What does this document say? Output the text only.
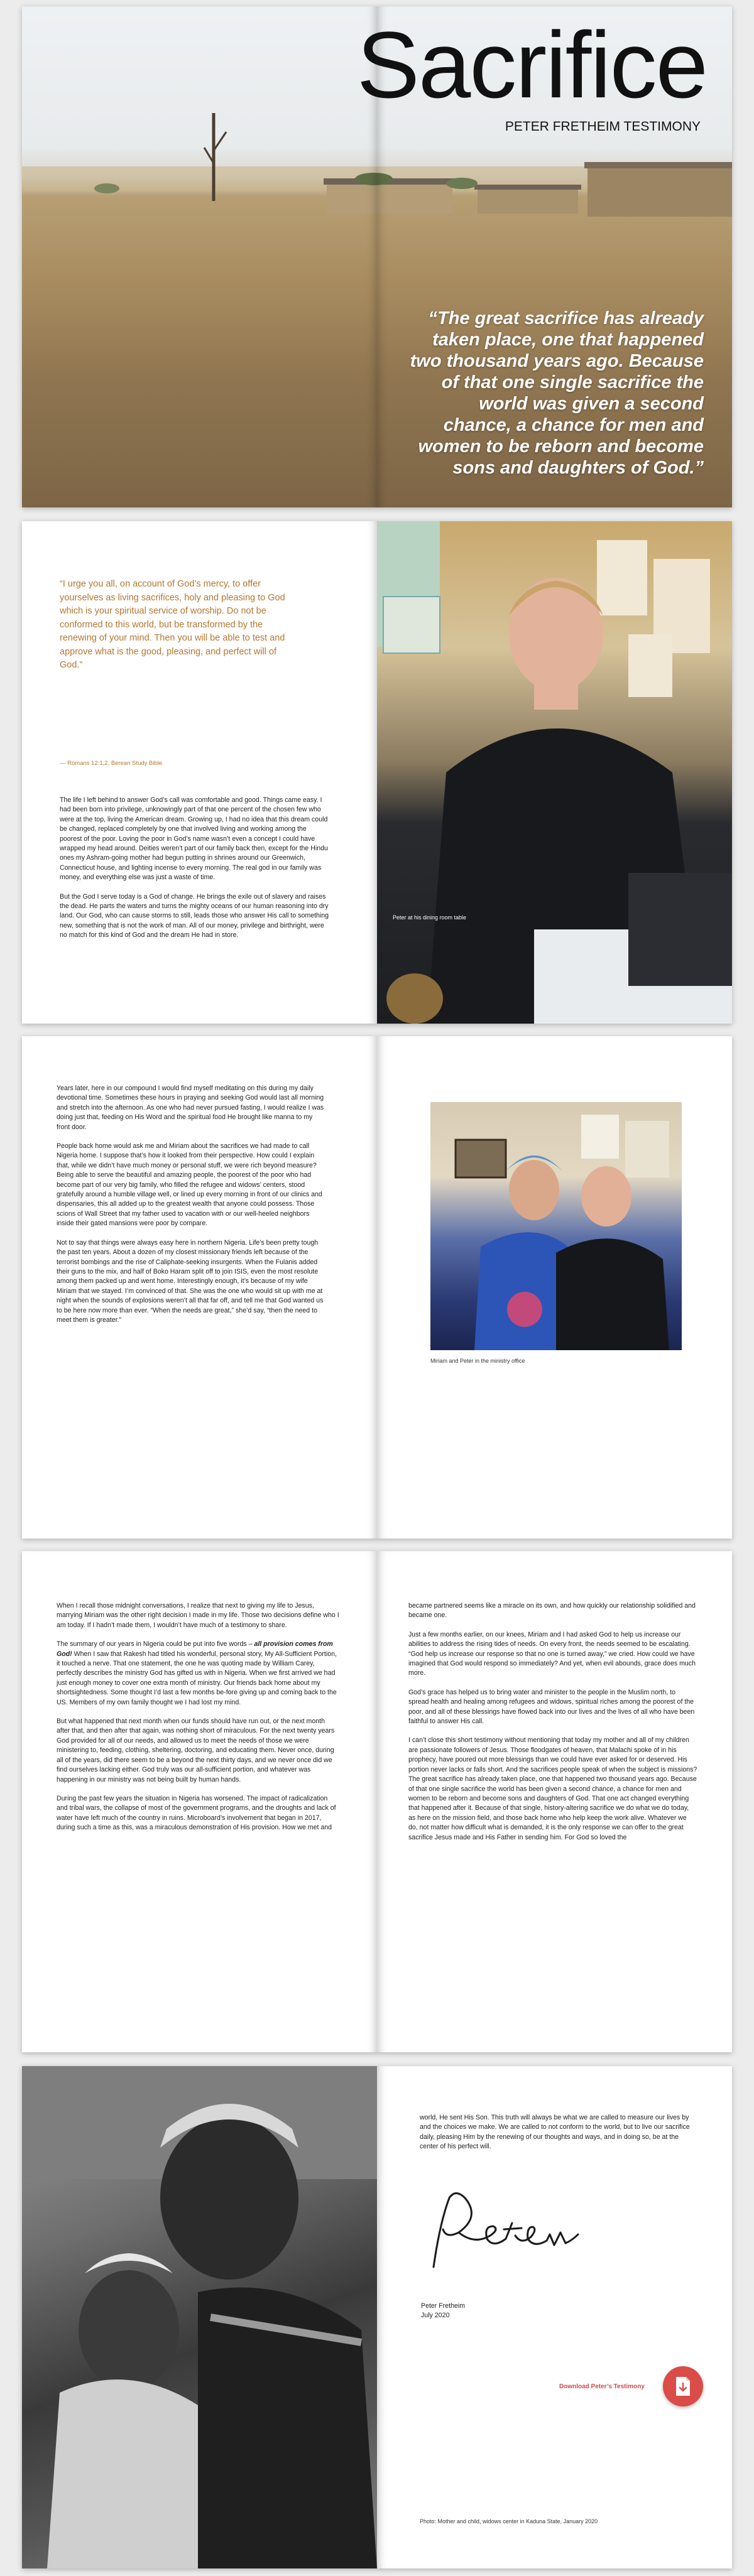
Sacrifice
PETER FRETHEIM TESTIMONY
“The great sacrifice has already taken place, one that happened two thousand years ago. Because of that one single sacrifice the world was given a second chance, a chance for men and women to be reborn and become sons and daughters of God.”
“I urge you all, on account of God’s mercy, to offer yourselves as living sacrifices, holy and pleasing to God which is your spiritual service of worship. Do not be conformed to this world, but be transformed by the renewing of your mind. Then you will be able to test and approve what is the good, pleasing, and perfect will of God.”
— Romans 12:1,2, Berean Study Bible

The life I left behind to answer God’s call was comfortable and good. Things came easy. I had been born into privilege, unknowingly part of that one percent of the chosen few who were at the top, living the American dream. Growing up, I had no idea that this dream could be changed, replaced completely by one that involved living and working among the poorest of the poor. Loving the poor in God’s name wasn’t even a concept I could have wrapped my head around. Deities weren’t part of our family back then, except for the Hindu ones my Ashram-going mother had begun putting in shrines around our Greenwich, Connecticut house, and lighting incense to every morning. The real god in our family was money, and everything else was just a waste of time.

But the God I serve today is a God of change. He brings the exile out of slavery and raises the dead. He parts the waters and turns the mighty oceans of our human reasoning into dry land. Our God, who can cause storms to still, leads those who answer His call to something new, something that is not the work of man. All of our money, privilege and birthright, were no match for this kind of God and the dream He had in store.

Peter at his dining room table

Years later, here in our compound I would find myself meditating on this during my daily devotional time. Sometimes these hours in praying and seeking God would last all morning and stretch into the afternoon. As one who had never pursued fasting, I would realize I was doing just that, feeding on His Word and the spiritual food He brought like manna to my front door.

People back home would ask me and Miriam about the sacrifices we had made to call Nigeria home. I suppose that’s how it looked from their perspective. How could I explain that, while we didn’t have much money or personal stuff, we were rich beyond measure? Being able to serve the beautiful and amazing people, the poorest of the poor who had become part of our very big family, who filled the refugee and widows’ centers, stood gratefully around a humble village well, or lined up every morning in front of our clinics and dispensaries, this all added up to the greatest wealth that anyone could possess. Those scions of Wall Street that my father used to vacation with or our well-heeled neighbors inside their gated mansions were poor by compare.

Not to say that things were always easy here in northern Nigeria. Life’s been pretty tough the past ten years. About a dozen of my closest missionary friends left because of the terrorist bombings and the rise of Caliphate-seeking insurgents. When the Fulanis added their guns to the mix, and half of Boko Haram split off to join ISIS, even the most resolute among them packed up and went home. Interestingly enough, it’s because of my wife Miriam that we stayed. I’m convinced of that. She was the one who would sit up with me at night when the sounds of explosions weren’t all that far off, and tell me that God wanted us to be here now more than ever. “When the needs are great,” she’d say, “then the need to meet them is greater.”

Miriam and Peter in the ministry office

When I recall those midnight conversations, I realize that next to giving my life to Jesus, marrying Miriam was the other right decision I made in my life. Those two decisions define who I am today. If I hadn’t made them, I wouldn’t have much of a testimony to share.

The summary of our years in Nigeria could be put into five words – all provision comes from God! When I saw that Rakesh had titled his wonderful, personal story, My All-Sufficient Portion, it touched a nerve. That one statement, the one he was quoting made by William Carey, perfectly describes the ministry God has gifted us with in Nigeria. When we first arrived we had just enough money to cover one extra month of ministry. Our friends back home about my shortsightedness. Some thought I’d last a few months be-fore giving up and coming back to the US. Members of my own family thought we I had lost my mind.

But what happened that next month when our funds should have run out, or the next month after that, and then after that again, was nothing short of miraculous. For the next twenty years God provided for all of our needs, and allowed us to meet the needs of those we were ministering to, feeding, clothing, sheltering, doctoring, and educating them. Never once, during all of the years, did there seem to be a beyond the next thirty days, and we never once did we find ourselves lacking either. God truly was our all-sufficient portion, and whatever was happening in our ministry was not being built by human hands.

During the past few years the situation in Nigeria has worsened. The impact of radicalization and tribal wars, the collapse of most of the government programs, and the droughts and lack of water have left much of the country in ruins. Microboard’s involvement that began in 2017, during such a time as this, was a miraculous demonstration of His provision. How we met and

became partnered seems like a miracle on its own, and how quickly our relationship solidified and became one.

Just a few months earlier, on our knees, Miriam and I had asked God to help us increase our abilities to address the rising tides of needs. On every front, the needs seemed to be escalating. “God help us increase our response so that no one is turned away,” we cried. How could we have imagined that God would respond so immediately? And yet, when evil abounds, grace does much more.

God’s grace has helped us to bring water and minister to the people in the Muslim north, to spread health and healing among refugees and widows, spiritual riches among the poorest of the poor, and all of these blessings have flowed back into our lives and the lives of all who have been faithful to answer His call.

I can’t close this short testimony without mentioning that today my mother and all of my children are passionate followers of Jesus. Those floodgates of heaven, that Malachi spoke of in his prophecy, have poured out more blessings than we could have ever asked for or deserved. His portion never lacks or falls short. And the sacrifices people speak of when the subject is missions? The great sacrifice has already taken place, one that happened two thousand years ago. Because of that one single sacrifice the world has been given a second chance, a chance for men and women to be reborn and become sons and daughters of God. That one act changed everything that happened after it. Because of that single, history-altering sacrifice we do what we do today, as here on the mission field, and those back home who help keep the work alive. Whatever we do, not matter how difficult what is demanded, it is the only response we can offer to the great sacrifice Jesus made and His Father in sending him. For God so loved the

world, He sent His Son. This truth will always be what we are called to measure our lives by and the choices we make. We are called to not conform to the world, but to live our sacrifice daily, pleasing Him by the renewing of our thoughts and ways, and in doing so, be at the center of his perfect will.

Peter Fretheim
July 2020
Download Peter’s Testimony
Photo: Mother and child, widows center in Kaduna State, January 2020
